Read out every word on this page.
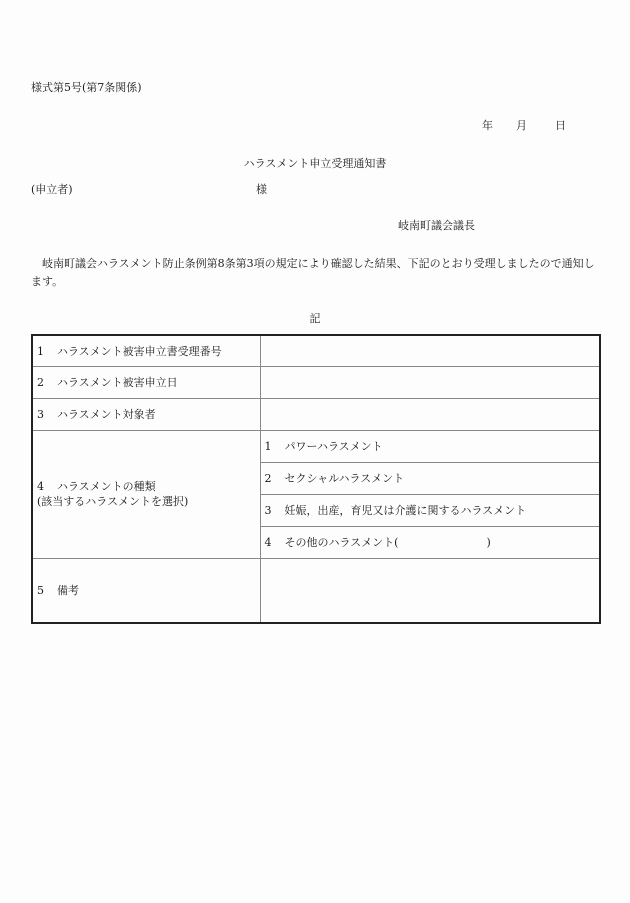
様式第5号(第7条関係)
年 月	日
ハラスメント申立受理通知書
(申立者)	様
岐南町議会議長
岐南町議会ハラスメント防止条例第8条第3項の規定により確認した結果、下記のとおり受理しましたので通知します。
記
1 ハラスメント被害申立書受理番号	
2 ハラスメント被害申立日	
3 ハラスメント対象者	

4 ハラスメントの種類
(該当するハラスメントを選択)	1 パワーハラスメント
	2 セクシャルハラスメント
	3 妊娠，出産，育児又は介護に関するハラスメント
	4 その他のハラスメント(　　　　　　　　)
5 備考	
